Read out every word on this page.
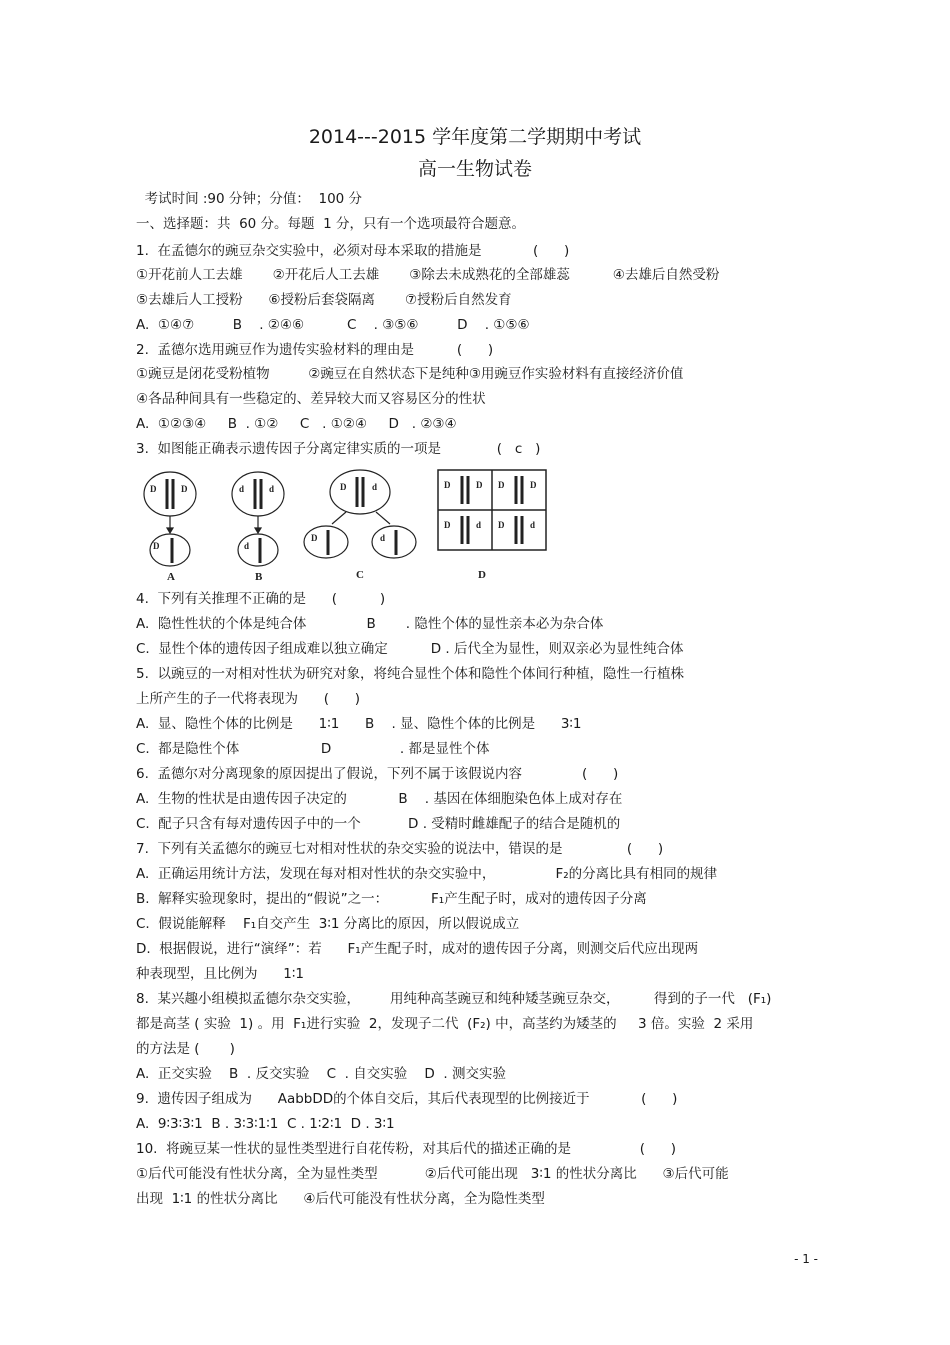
2014---2015 学年度第二学期期中考试
高一生物试卷
考试时间 :90 分钟；分值：  100 分
一、选择题：共  60 分。每题  1 分，只有一个选项最符合题意。
1.  在孟德尔的豌豆杂交实验中，必须对母本采取的措施是            (      )
①开花前人工去雄       ②开花后人工去雄       ③除去未成熟花的全部雄蕊          ④去雄后自然受粉
⑤去雄后人工授粉      ⑥授粉后套袋隔离       ⑦授粉后自然发育
A.  ①④⑦         B    . ②④⑥          C    . ③⑤⑥         D    . ①⑤⑥
2.  孟德尔选用豌豆作为遗传实验材料的理由是          (      )
①豌豆是闭花受粉植物         ②豌豆在自然状态下是纯种③用豌豆作实验材料有直接经济价值
④各品种间具有一些稳定的、差异较大而又容易区分的性状
A.  ①②③④     B  . ①②     C   . ①②④     D   . ②③④
3.  如图能正确表示遗传因子分离定律实质的一项是             (   c   )
4.  下列有关推理不正确的是      (          )
A.  隐性性状的个体是纯合体              B       . 隐性个体的显性亲本必为杂合体
C.  显性个体的遗传因子组成难以独立确定          D . 后代全为显性，则双亲必为显性纯合体
5.  以豌豆的一对相对性状为研究对象，将纯合显性个体和隐性个体间行种植，隐性一行植株
上所产生的子一代将表现为      (      )
A.  显、隐性个体的比例是      1∶1      B    . 显、隐性个体的比例是      3∶1
C.  都是隐性个体                   D                . 都是显性个体
6.  孟德尔对分离现象的原因提出了假说，下列不属于该假说内容              (      )
A.  生物的性状是由遗传因子决定的            B    . 基因在体细胞染色体上成对存在
C.  配子只含有每对遗传因子中的一个           D . 受精时雌雄配子的结合是随机的
7.  下列有关孟德尔的豌豆七对相对性状的杂交实验的说法中，错误的是               (      )
A.  正确运用统计方法，发现在每对相对性状的杂交实验中，              F₂的分离比具有相同的规律
B.  解释实验现象时，提出的“假说”之一：          F₁产生配子时，成对的遗传因子分离
C.  假说能解释    F₁自交产生  3∶1 分离比的原因，所以假说成立
D.  根据假说，进行“演绎”：若      F₁产生配子时，成对的遗传因子分离，则测交后代应出现两
种表现型，且比例为      1∶1
8.  某兴趣小组模拟孟德尔杂交实验，       用纯种高茎豌豆和纯种矮茎豌豆杂交，        得到的子一代   (F₁)
都是高茎 ( 实验  1) 。用  F₁进行实验  2，发现子二代  (F₂) 中，高茎约为矮茎的     3 倍。实验  2 采用
的方法是 (       )
A.  正交实验    B  . 反交实验    C  . 自交实验    D  . 测交实验
9.  遗传因子组成为      AabbDD的个体自交后，其后代表现型的比例接近于            (      )
A.  9∶3∶3∶1  B . 3∶3∶1∶1  C . 1∶2∶1  D . 3∶1
10.  将豌豆某一性状的显性类型进行自花传粉，对其后代的描述正确的是                (      )
①后代可能没有性状分离，全为显性类型           ②后代可能出现   3∶1 的性状分离比      ③后代可能
出现  1∶1 的性状分离比      ④后代可能没有性状分离，全为隐性类型
D	D
D
A
d	d
d
B
D	d
D	d
C
D	D D	D
D	d D	d
D
- 1 -
